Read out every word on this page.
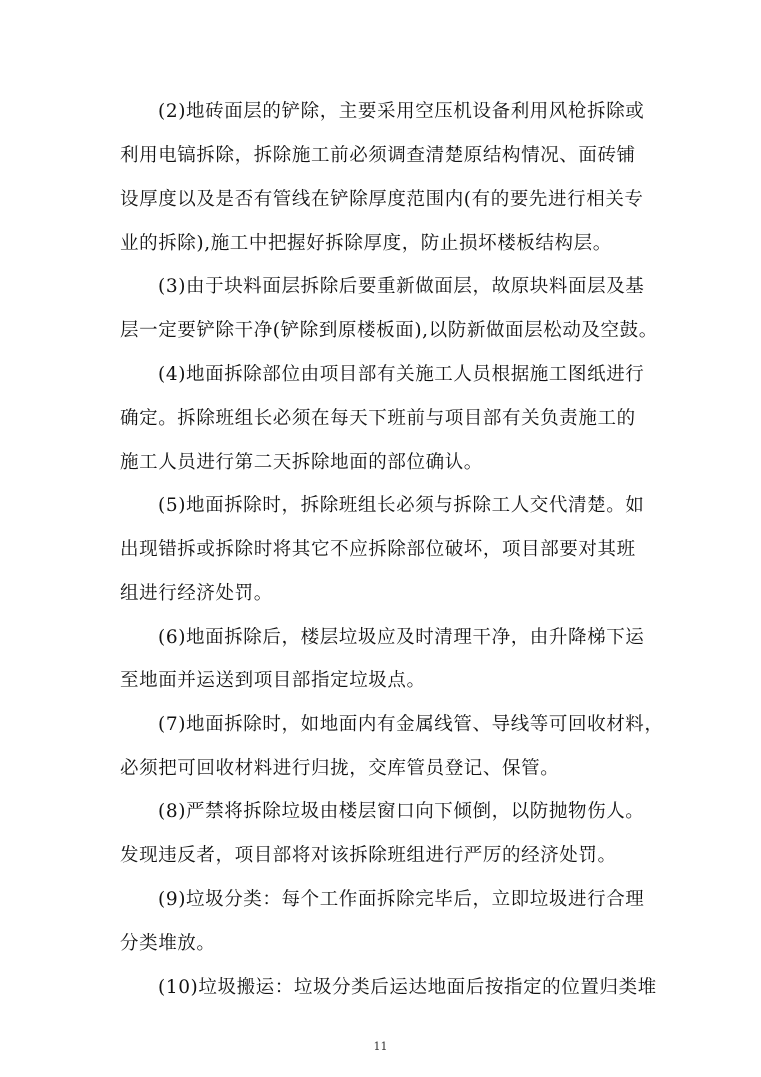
(2)地砖面层的铲除，主要采用空压机设备利用风枪拆除或
利用电镐拆除，拆除施工前必须调查清楚原结构情况、面砖铺
设厚度以及是否有管线在铲除厚度范围内(有的要先进行相关专
业的拆除),施工中把握好拆除厚度，防止损坏楼板结构层。
(3)由于块料面层拆除后要重新做面层，故原块料面层及基
层一定要铲除干净(铲除到原楼板面),以防新做面层松动及空鼓。
(4)地面拆除部位由项目部有关施工人员根据施工图纸进行
确定。拆除班组长必须在每天下班前与项目部有关负责施工的
施工人员进行第二天拆除地面的部位确认。
(5)地面拆除时，拆除班组长必须与拆除工人交代清楚。如
出现错拆或拆除时将其它不应拆除部位破坏，项目部要对其班
组进行经济处罚。
(6)地面拆除后，楼层垃圾应及时清理干净，由升降梯下运
至地面并运送到项目部指定垃圾点。
(7)地面拆除时，如地面内有金属线管、导线等可回收材料，
必须把可回收材料进行归拢，交库管员登记、保管。
(8)严禁将拆除垃圾由楼层窗口向下倾倒，以防抛物伤人。
发现违反者，项目部将对该拆除班组进行严厉的经济处罚。
(9)垃圾分类：每个工作面拆除完毕后，立即垃圾进行合理
分类堆放。
(10)垃圾搬运：垃圾分类后运达地面后按指定的位置归类堆
11
